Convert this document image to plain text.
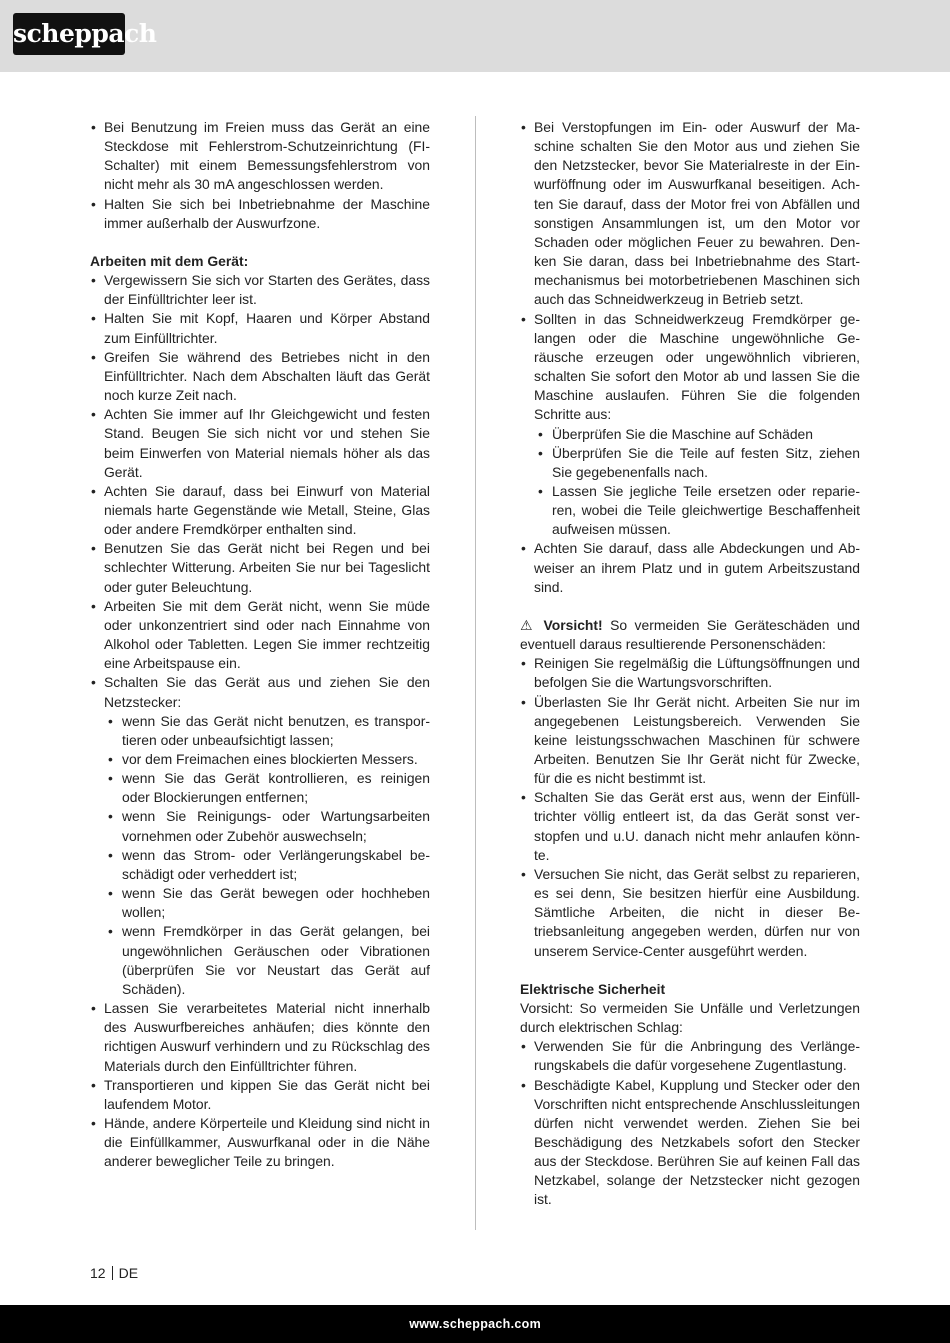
scheppach
• Bei Benutzung im Freien muss das Gerät an eine Steckdose mit Fehlerstrom-Schutzeinrichtung (FI-Schalter) mit einem Bemessungsfehlerstrom von nicht mehr als 30 mA angeschlossen werden.
• Halten Sie sich bei Inbetriebnahme der Maschine immer außerhalb der Auswurfzone.
Arbeiten mit dem Gerät:
• Vergewissern Sie sich vor Starten des Gerätes, dass der Einfülltrichter leer ist.
• Halten Sie mit Kopf, Haaren und Körper Abstand zum Einfülltrichter.
• Greifen Sie während des Betriebes nicht in den Einfülltrichter. Nach dem Abschalten läuft das Gerät noch kurze Zeit nach.
• Achten Sie immer auf Ihr Gleichgewicht und festen Stand. Beugen Sie sich nicht vor und stehen Sie beim Einwerfen von Material niemals höher als das Gerät.
• Achten Sie darauf, dass bei Einwurf von Material niemals harte Gegenstände wie Metall, Steine, Glas oder andere Fremdkörper enthalten sind.
• Benutzen Sie das Gerät nicht bei Regen und bei schlechter Witterung. Arbeiten Sie nur bei Tageslicht oder guter Beleuchtung.
• Arbeiten Sie mit dem Gerät nicht, wenn Sie müde oder unkonzentriert sind oder nach Einnahme von Alkohol oder Tabletten. Legen Sie immer rechtzeitig eine Arbeitspause ein.
• Schalten Sie das Gerät aus und ziehen Sie den Netzstecker:
• wenn Sie das Gerät nicht benutzen, es transportieren oder unbeaufsichtigt lassen;
• vor dem Freimachen eines blockierten Messers.
• wenn Sie das Gerät kontrollieren, es reinigen oder Blockierungen entfernen;
• wenn Sie Reinigungs- oder Wartungsarbeiten vornehmen oder Zubehör auswechseln;
• wenn das Strom- oder Verlängerungskabel beschädigt oder verheddert ist;
• wenn Sie das Gerät bewegen oder hochheben wollen;
• wenn Fremdkörper in das Gerät gelangen, bei ungewöhnlichen Geräuschen oder Vibrationen (überprüfen Sie vor Neustart das Gerät auf Schäden).
• Lassen Sie verarbeitetes Material nicht innerhalb des Auswurfbereiches anhäufen; dies könnte den richtigen Auswurf verhindern und zu Rückschlag des Materials durch den Einfülltrichter führen.
• Transportieren und kippen Sie das Gerät nicht bei laufendem Motor.
• Hände, andere Körperteile und Kleidung sind nicht in die Einfüllkammer, Auswurfkanal oder in die Nähe anderer beweglicher Teile zu bringen.
• Bei Verstopfungen im Ein- oder Auswurf der Maschine schalten Sie den Motor aus und ziehen Sie den Netzstecker, bevor Sie Materialreste in der Einwurföffnung oder im Auswurfkanal beseitigen. Achten Sie darauf, dass der Motor frei von Abfällen und sonstigen Ansammlungen ist, um den Motor vor Schaden oder möglichen Feuer zu bewahren. Denken Sie daran, dass bei Inbetriebnahme des Startmechanismus bei motorbetriebenen Maschinen sich auch das Schneidwerkzeug in Betrieb setzt.
• Sollten in das Schneidwerkzeug Fremdkörper gelangen oder die Maschine ungewöhnliche Geräusche erzeugen oder ungewöhnlich vibrieren, schalten Sie sofort den Motor ab und lassen Sie die Maschine auslaufen. Führen Sie die folgenden Schritte aus:
• Überprüfen Sie die Maschine auf Schäden
• Überprüfen Sie die Teile auf festen Sitz, ziehen Sie gegebenenfalls nach.
• Lassen Sie jegliche Teile ersetzen oder reparieren, wobei die Teile gleichwertige Beschaffenheit aufweisen müssen.
• Achten Sie darauf, dass alle Abdeckungen und Abweiser an ihrem Platz und in gutem Arbeitszustand sind.

⚠ Vorsicht! So vermeiden Sie Geräteschäden und eventuell daraus resultierende Personenschäden:

• Reinigen Sie regelmäßig die Lüftungsöffnungen und befolgen Sie die Wartungsvorschriften.
• Überlasten Sie Ihr Gerät nicht. Arbeiten Sie nur im angegebenen Leistungsbereich. Verwenden Sie keine leistungsschwachen Maschinen für schwere Arbeiten. Benutzen Sie Ihr Gerät nicht für Zwecke, für die es nicht bestimmt ist.
• Schalten Sie das Gerät erst aus, wenn der Einfülltrichter völlig entleert ist, da das Gerät sonst verstopfen und u.U. danach nicht mehr anlaufen könnte.
• Versuchen Sie nicht, das Gerät selbst zu reparieren, es sei denn, Sie besitzen hierfür eine Ausbildung. Sämtliche Arbeiten, die nicht in dieser Betriebsanleitung angegeben werden, dürfen nur von unserem Service-Center ausgeführt werden.
Elektrische Sicherheit

Vorsicht: So vermeiden Sie Unfälle und Verletzungen durch elektrischen Schlag:

• Verwenden Sie für die Anbringung des Verlängerungskabels die dafür vorgesehene Zugentlastung.
• Beschädigte Kabel, Kupplung und Stecker oder den Vorschriften nicht entsprechende Anschlussleitungen dürfen nicht verwendet werden. Ziehen Sie bei Beschädigung des Netzkabels sofort den Stecker aus der Steckdose. Berühren Sie auf keinen Fall das Netzkabel, solange der Netzstecker nicht gezogen ist.
12 DE
www.scheppach.com
